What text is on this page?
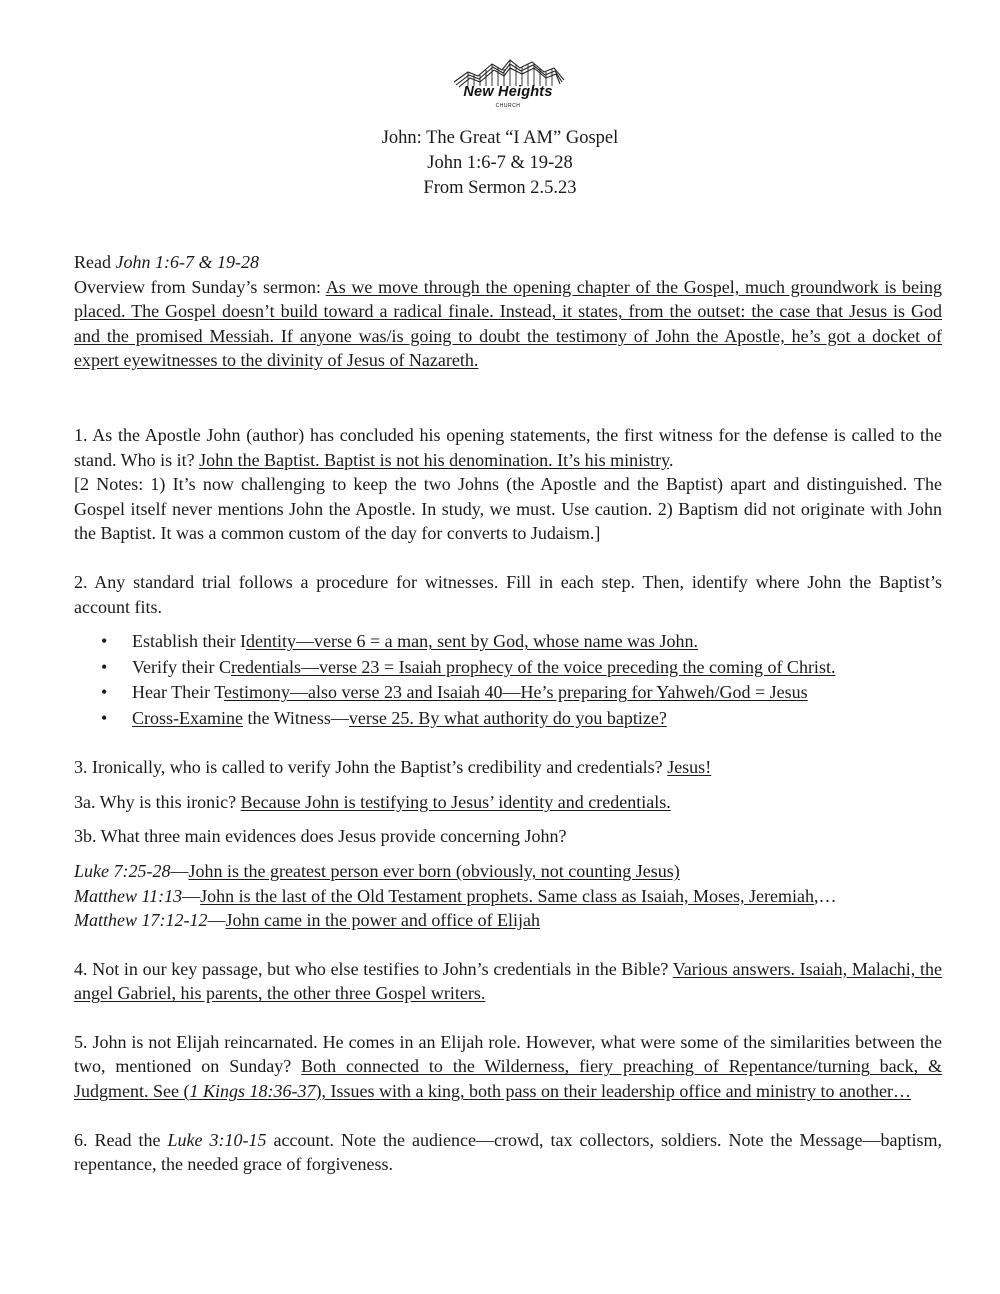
New Heights
CHURCH
John: The Great “I AM” Gospel
John 1:6-7 & 19-28
From Sermon 2.5.23

Read John 1:6-7 & 19-28

Overview from Sunday’s sermon: As we move through the opening chapter of the Gospel, much groundwork is being placed. The Gospel doesn’t build toward a radical finale. Instead, it states, from the outset: the case that Jesus is God and the promised Messiah. If anyone was/is going to doubt the testimony of John the Apostle, he’s got a docket of expert eyewitnesses to the divinity of Jesus of Nazareth.

1. As the Apostle John (author) has concluded his opening statements, the first witness for the defense is called to the stand. Who is it? John the Baptist. Baptist is not his denomination. It’s his ministry.

[2 Notes: 1) It’s now challenging to keep the two Johns (the Apostle and the Baptist) apart and distinguished. The Gospel itself never mentions John the Apostle. In study, we must. Use caution. 2) Baptism did not originate with John the Baptist. It was a common custom of the day for converts to Judaism.]

2. Any standard trial follows a procedure for witnesses. Fill in each step. Then, identify where John the Baptist’s account fits.

• Establish their Identity—verse 6 = a man, sent by God, whose name was John.
• Verify their Credentials—verse 23 = Isaiah prophecy of the voice preceding the coming of Christ.
• Hear Their Testimony—also verse 23 and Isaiah 40—He’s preparing for Yahweh/God = Jesus
• Cross-Examine the Witness—verse 25. By what authority do you baptize?

3. Ironically, who is called to verify John the Baptist’s credibility and credentials? Jesus!

3a. Why is this ironic? Because John is testifying to Jesus’ identity and credentials.

3b. What three main evidences does Jesus provide concerning John?

Luke 7:25-28—John is the greatest person ever born (obviously, not counting Jesus)

Matthew 11:13—John is the last of the Old Testament prophets. Same class as Isaiah, Moses, Jeremiah,…

Matthew 17:12-12—John came in the power and office of Elijah

4. Not in our key passage, but who else testifies to John’s credentials in the Bible? Various answers. Isaiah, Malachi, the angel Gabriel, his parents, the other three Gospel writers.

5. John is not Elijah reincarnated. He comes in an Elijah role. However, what were some of the similarities between the two, mentioned on Sunday? Both connected to the Wilderness, fiery preaching of Repentance/turning back, & Judgment. See (1 Kings 18:36-37), Issues with a king, both pass on their leadership office and ministry to another…

6. Read the Luke 3:10-15 account. Note the audience—crowd, tax collectors, soldiers. Note the Message—baptism, repentance, the needed grace of forgiveness.
